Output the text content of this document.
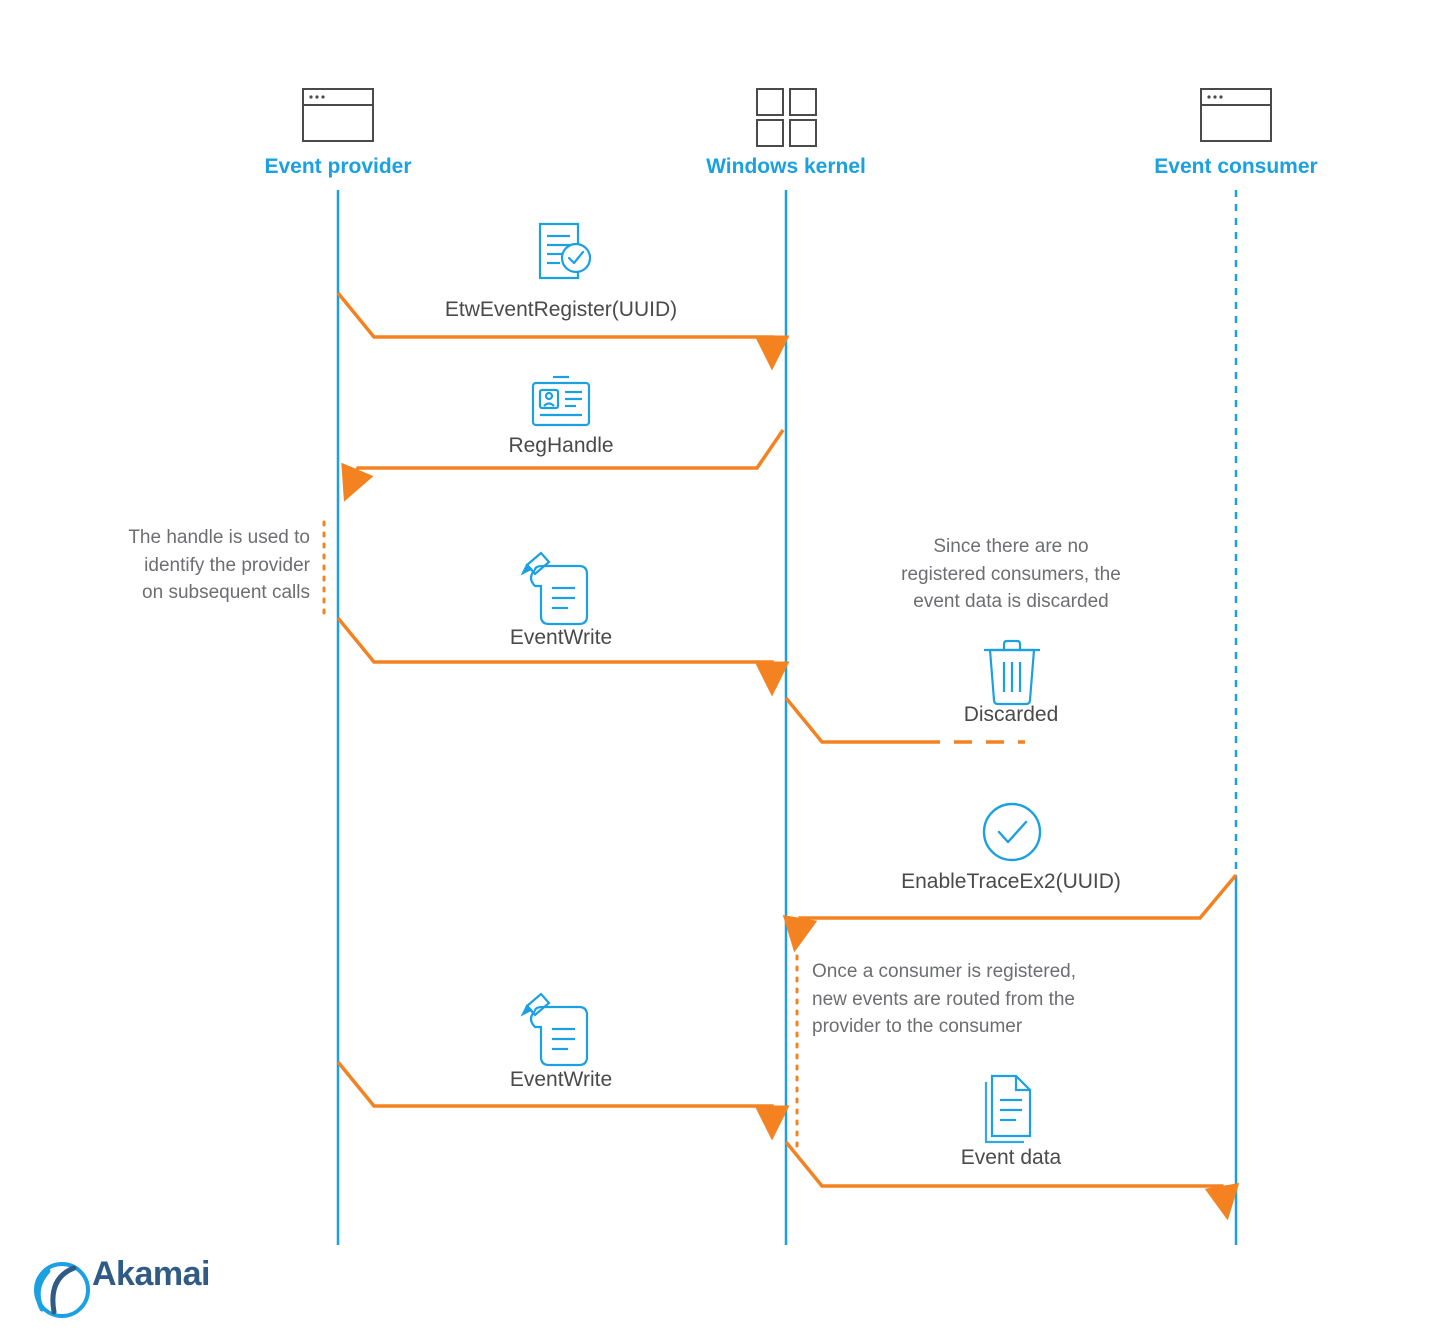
Event provider	Windows kernel	Event consumer
EtwEventRegister(UUID)
RegHandle
EventWrite
Discarded
EnableTraceEx2(UUID)
EventWrite
Event data
The handle is used to
identify the provider
on subsequent calls
Since there are no
registered consumers, the
event data is discarded
Once a consumer is registered,
new events are routed from the
provider to the consumer
Akamai
